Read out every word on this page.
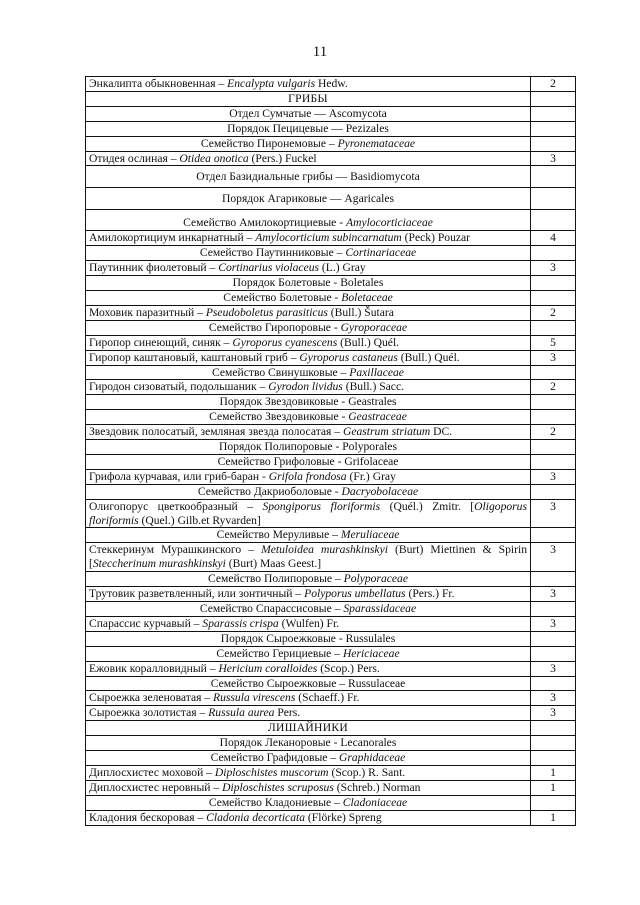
11
Энкалипта обыкновенная – Encalypta vulgaris Hedw.	2
ГРИБЫ	
Отдел Сумчатые — Ascomycota	
Порядок Пецицевые — Pezizales	
Семейство Пиронемовые – Pyronemataceae	
Отидея ослиная – Otidea onotica (Pers.) Fuckel	3
Отдел Базидиальные грибы — Basidiomycota	
Порядок Агариковые — Agaricales	
Семейство Амилокортициевые - Amylocorticiaceae	
Амилокортициум инкарнатный – Amylocorticium subincarnatum (Peck) Pouzar	4
Семейство Паутинниковые – Cortinariaceae	
Паутинник фиолетовый – Cortinarius violaceus (L.) Gray	3
Порядок Болетовые - Boletales	
Семейство Болетовые - Boletaceae	
Моховик паразитный – Pseudoboletus parasiticus (Bull.) Šutara	2
Семейство Гиропоровые - Gyroporaceae	
Гиропор синеющий, синяк – Gyroporus cyanescens (Bull.) Quél.	5
Гиропор каштановый, каштановый гриб – Gyroporus castaneus (Bull.) Quél.	3
Семейство Свинушковые – Paxillaceae	
Гиродон сизоватый, подольшаник – Gyrodon lividus (Bull.) Sacc.	2
Порядок Звездовиковые - Geastrales	
Семейство Звездовиковые - Geastraceae	
Звездовик полосатый, земляная звезда полосатая – Geastrum striatum DC.	2
Порядок Полипоровые - Polyporales	
Семейство Грифоловые - Grifolaceae	
Грифола курчавая, или гриб-баран - Grifola frondosa (Fr.) Gray	3
Семейство Дакриоболовые - Dacryobolaceae	
Олигопорус цветкообразный – Spongiporus floriformis (Quél.) Zmitr. [Oligoporus floriformis (Quel.) Gilb.et Ryvarden]	3
Семейство Меруливые – Meruliaceae	
Стеккеринум Мурашкинского – Metuloidea murashkinskyi (Burt) Miettinen & Spirin [Steccherinum murashkinskyi (Burt) Maas Geest.]	3
Семейство Полипоровые – Polyporaceae	
Трутовик разветвленный, или зонтичный – Polyporus umbellatus (Pers.) Fr.	3
Семейство Спарассисовые – Sparassidaceae	
Спарассис курчавый – Sparassis crispa (Wulfen) Fr.	3
Порядок Сыроежковые - Russulales	
Семейство Герициевые – Hericiaceae	
Ежовик коралловидный – Hericium coralloides (Scop.) Pers.	3
Семейство Сыроежковые – Russulaceae	
Сыроежка зеленоватая – Russula virescens (Schaeff.) Fr.	3
Сыроежка золотистая – Russula aurea Pers.	3
ЛИШАЙНИКИ	
Порядок Леканоровые - Lecanorales	
Семейство Графидовые – Graphidaceae	
Диплосхистес моховой – Diploschistes muscorum (Scop.) R. Sant.	1
Диплосхистес неровный – Diploschistes scruposus (Schreb.) Norman	1
Семейство Кладониевые – Cladoniaceae	
Кладония бескоровая – Cladonia decorticata (Flörke) Spreng	1
